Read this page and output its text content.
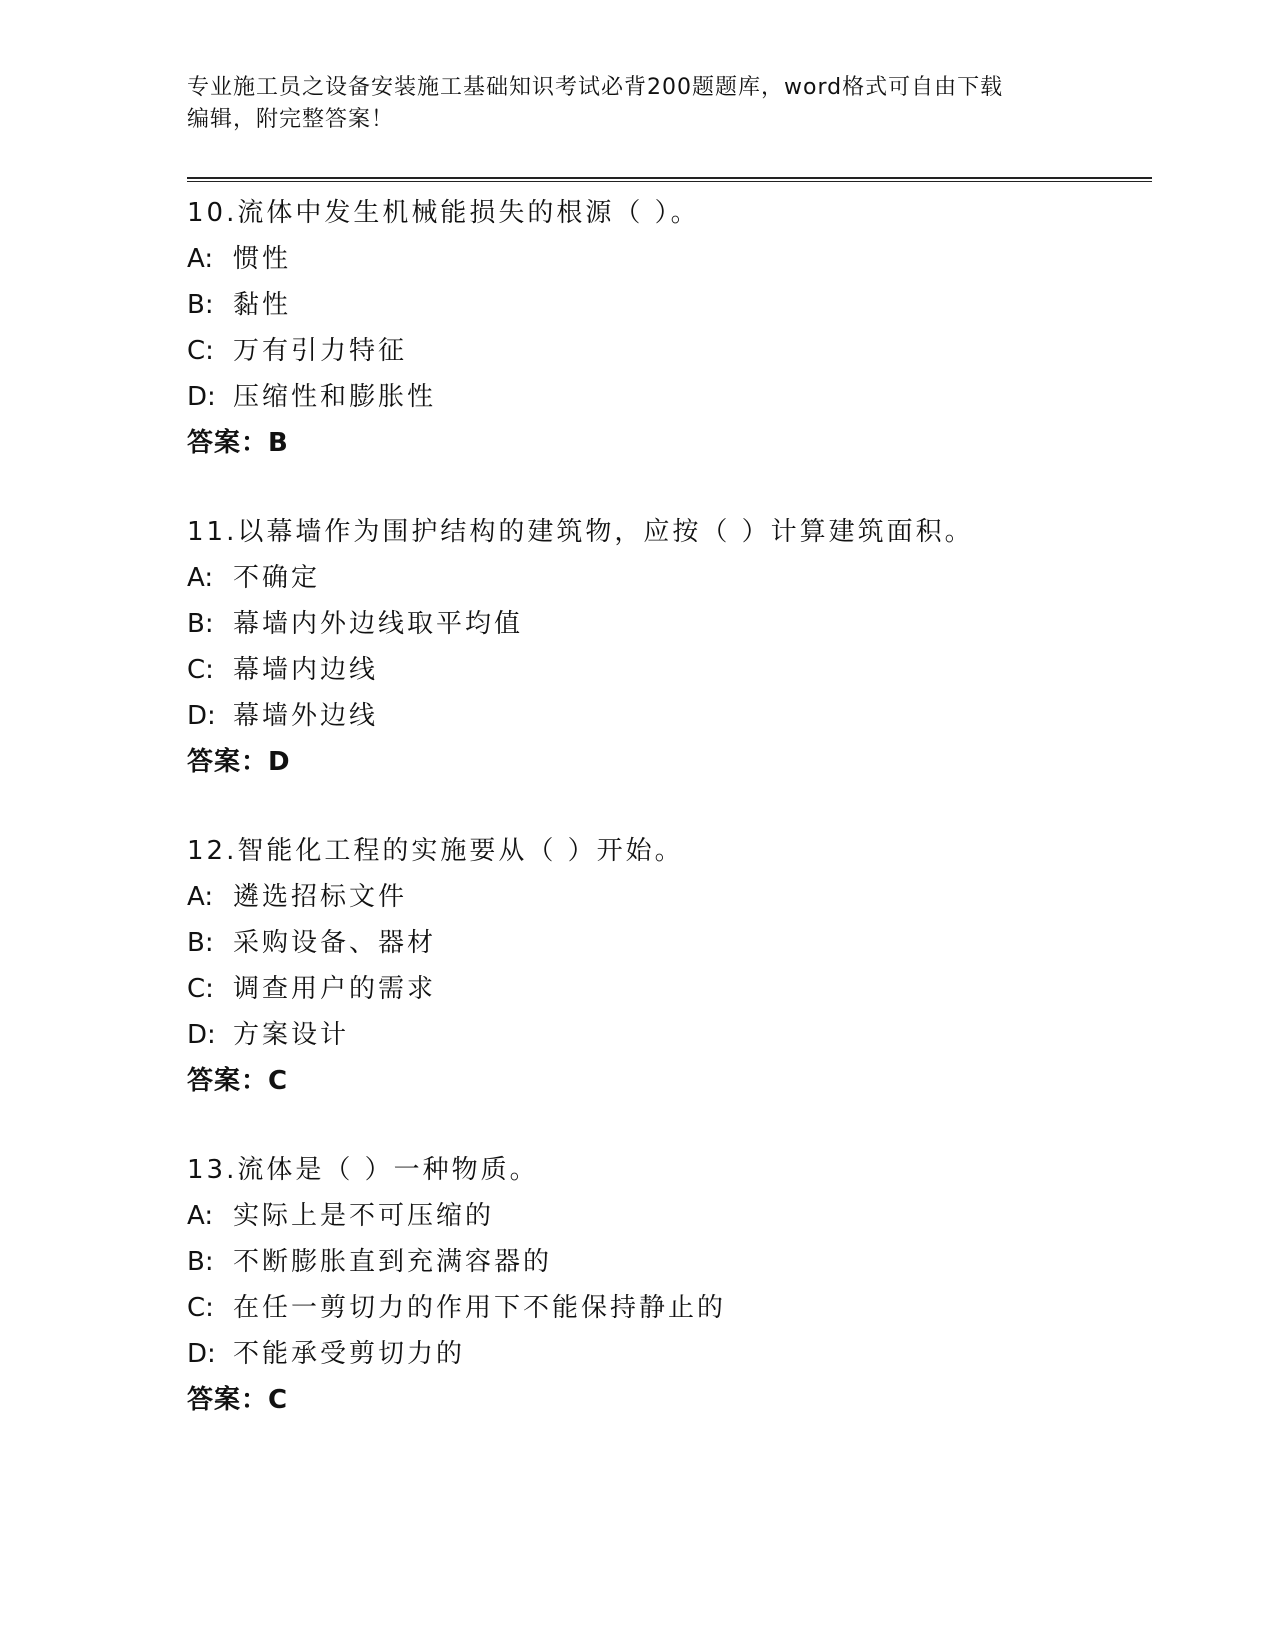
专业施工员之设备安装施工基础知识考试必背200题题库，word格式可自由下载
编辑，附完整答案！
10.流体中发生机械能损失的根源（ ）。
A: 惯性
B: 黏性
C: 万有引力特征
D: 压缩性和膨胀性
答案：B
11.以幕墙作为围护结构的建筑物，应按（ ）计算建筑面积。
A: 不确定
B: 幕墙内外边线取平均值
C: 幕墙内边线
D: 幕墙外边线
答案：D
12.智能化工程的实施要从（ ）开始。
A: 遴选招标文件
B: 采购设备、器材
C: 调查用户的需求
D: 方案设计
答案：C
13.流体是（ ）一种物质。
A: 实际上是不可压缩的
B: 不断膨胀直到充满容器的
C: 在任一剪切力的作用下不能保持静止的
D: 不能承受剪切力的
答案：C
